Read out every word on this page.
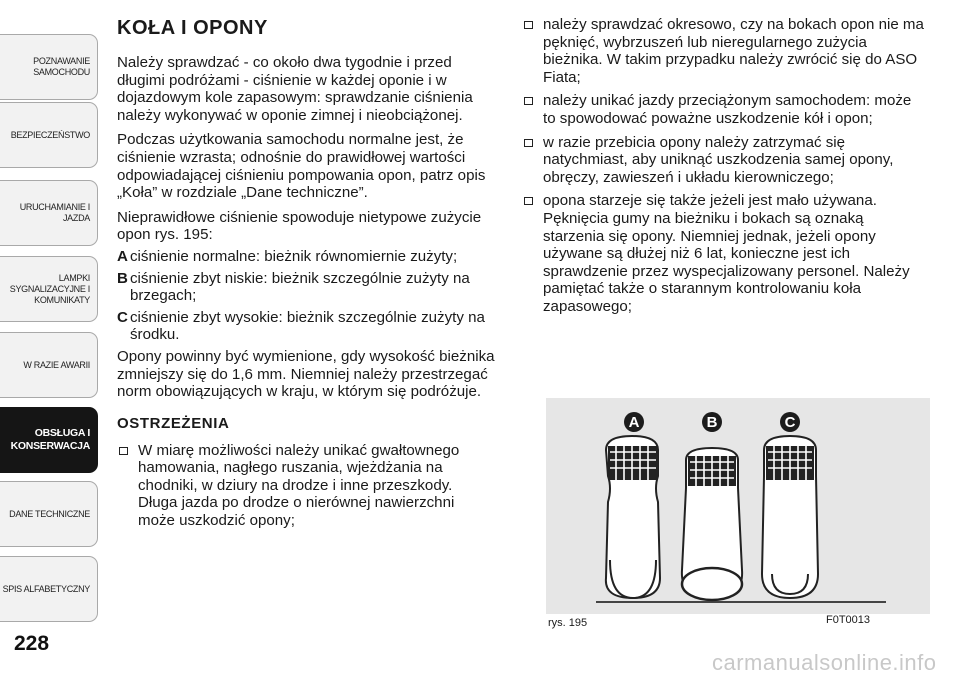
POZNAWANIE
SAMOCHODU
BEZPIECZEŃSTWO
URUCHAMIANIE I
JAZDA
LAMPKI
SYGNALIZACYJNE I
KOMUNIKATY
W RAZIE AWARII
OBSŁUGA I
KONSERWACJA
DANE TECHNICZNE
SPIS ALFABETYCZNY
228
KOŁA I OPONY

Należy sprawdzać - co około dwa tygodnie i przed długimi podróżami - ciśnienie w każdej oponie i w dojazdowym kole zapasowym: sprawdzanie ciśnienia należy wykonywać w oponie zimnej i nieobciążonej.

Podczas użytkowania samochodu normalne jest, że ciśnienie wzrasta; odnośnie do prawidłowej wartości odpowiadającej ciśnieniu pompowania opon, patrz opis „Koła” w rozdziale „Dane techniczne”.

Nieprawidłowe ciśnienie spowoduje nietypowe zużycie opon rys. 195:

A ciśnienie normalne: bieżnik równomiernie zużyty;
B ciśnienie zbyt niskie: bieżnik szczególnie zużyty na brzegach;
C ciśnienie zbyt wysokie: bieżnik szczególnie zużyty na środku.

Opony powinny być wymienione, gdy wysokość bieżnika zmniejszy się do 1,6 mm. Niemniej należy przestrzegać norm obowiązujących w kraju, w którym się podróżuje.

OSTRZEŻENIA
W miarę możliwości należy unikać gwałtownego hamowania, nagłego ruszania, wjeżdżania na chodniki, w dziury na drodze i inne przeszkody. Długa jazda po drodze o nierównej nawierzchni może uszkodzić opony;
należy sprawdzać okresowo, czy na bokach opon nie ma pęknięć, wybrzuszeń lub nieregularnego zużycia bieżnika. W takim przypadku należy zwrócić się do ASO Fiata;
należy unikać jazdy przeciążonym samochodem: może to spowodować poważne uszkodzenie kół i opon;
w razie przebicia opony należy zatrzymać się natychmiast, aby uniknąć uszkodzenia samej opony, obręczy, zawieszeń i układu kierowniczego;
opona starzeje się także jeżeli jest mało używana. Pęknięcia gumy na bieżniku i bokach są oznaką starzenia się opony. Niemniej jednak, jeżeli opony używane są dłużej niż 6 lat, konieczne jest ich sprawdzenie przez wyspecjalizowany personel. Należy pamiętać także o starannym kontrolowaniu koła zapasowego;
A	B	C
rys. 195	F0T0013
carmanualsonline.info
